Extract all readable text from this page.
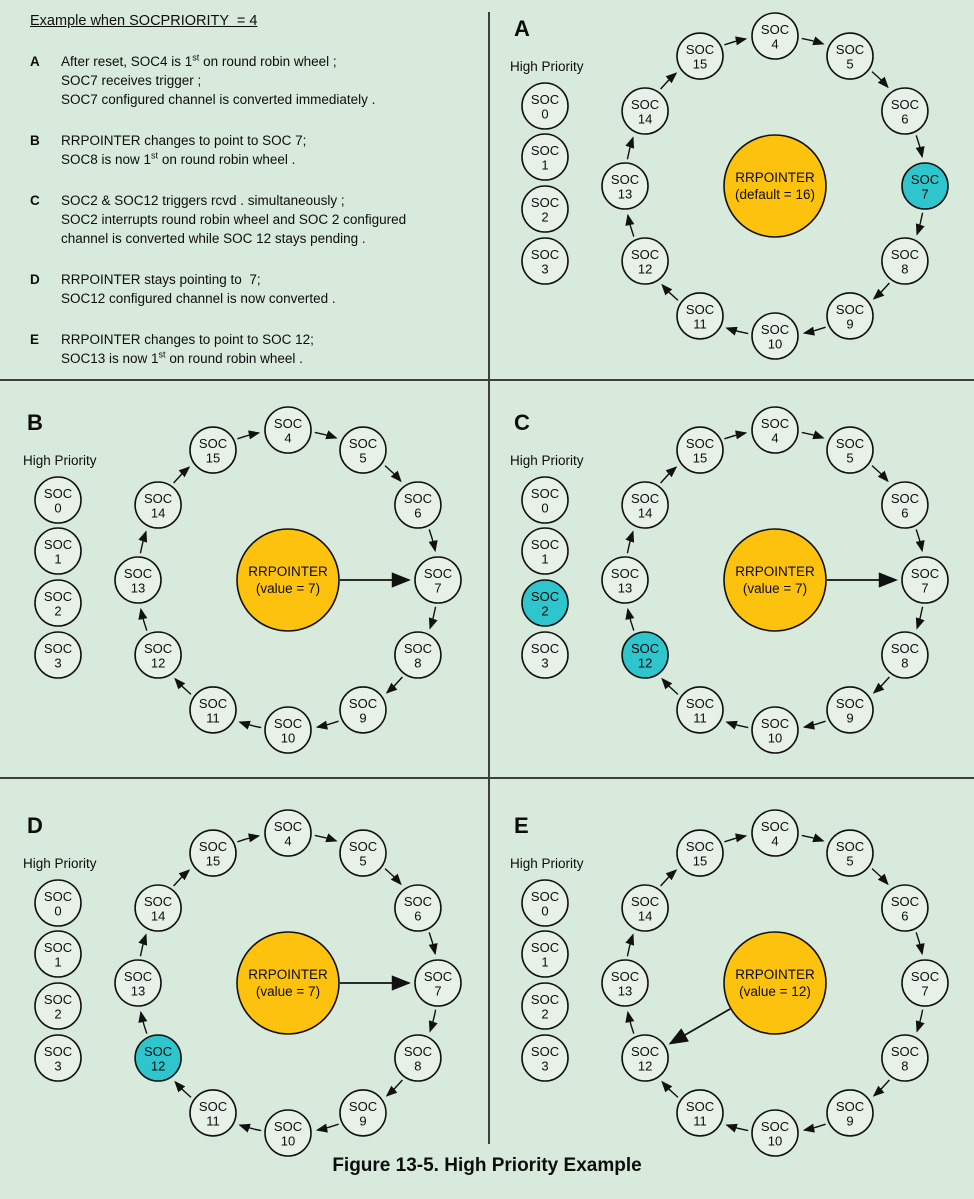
Example when SOCPRIORITY  = 4
A	After reset, SOC4 is 1st on round robin wheel ;
SOC7 receives trigger ;
SOC7 configured channel is converted immediately .
B	RRPOINTER changes to point to SOC 7;
SOC8 is now 1st on round robin wheel .
C	SOC2 & SOC12 triggers rcvd . simultaneously ;
SOC2 interrupts round robin wheel and SOC 2 configured
channel is converted while SOC 12 stays pending .
D	RRPOINTER stays pointing to  7;
SOC12 configured channel is now converted .
E	RRPOINTER changes to point to SOC 12;
SOC13 is now 1st on round robin wheel .
A
High Priority
SOC 0
SOC 1
SOC 2
SOC 3
SOC 4	SOC 5
SOC 6
SOC 7
SOC 8
SOC 9
SOC 10
SOC 11
SOC 12
SOC 13
SOC 14
SOC 15
RRPOINTER
(default = 16)
B
High Priority
SOC 0
SOC 1
SOC 2
SOC 3
SOC 4	SOC 5
SOC 6
SOC 7
SOC 8
SOC 9
SOC 10
SOC 11
SOC 12
SOC 13
SOC 14
SOC 15
RRPOINTER
(value = 7)
C
High Priority
SOC 0
SOC 1
SOC 2
SOC 3
SOC 4	SOC 5
SOC 6
SOC 7
SOC 8
SOC 9
SOC 10
SOC 11
SOC 12
SOC 13
SOC 14
SOC 15
RRPOINTER
(value = 7)
D
High Priority
SOC 0
SOC 1
SOC 2
SOC 3
SOC 4	SOC 5
SOC 6
SOC 7
SOC 8
SOC 9
SOC 10
SOC 11
SOC 12
SOC 13
SOC 14
SOC 15
RRPOINTER
(value = 7)
E
High Priority
SOC 0
SOC 1
SOC 2
SOC 3
SOC 4	SOC 5
SOC 6
SOC 7
SOC 8
SOC 9
SOC 10
SOC 11
SOC 12
SOC 13
SOC 14
SOC 15
RRPOINTER
(value = 12)
Figure 13-5. High Priority Example
